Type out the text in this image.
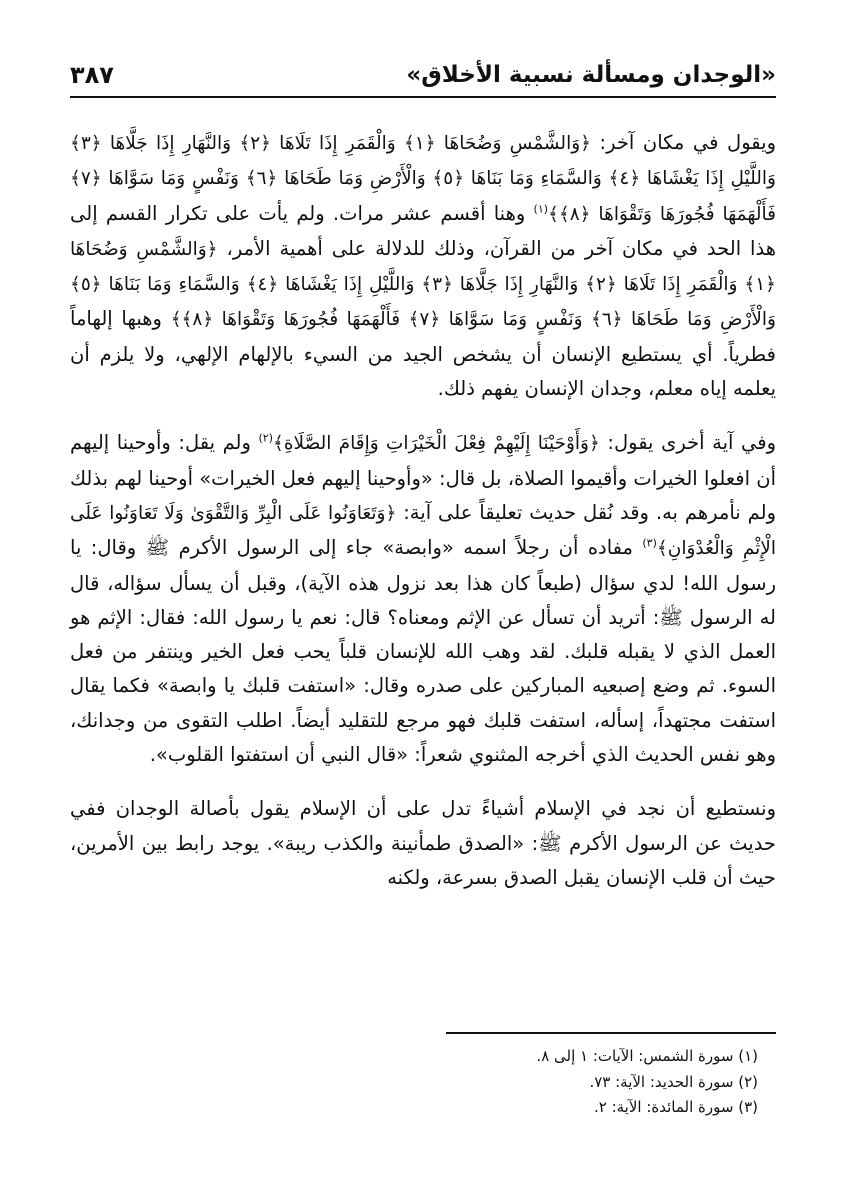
«الوجدان ومسألة نسبية الأخلاق»
٣٨٧

ويقول في مكان آخر: ﴿وَالشَّمْسِ وَضُحَاهَا ﴿١﴾ وَالْقَمَرِ إِذَا تَلَاهَا ﴿٢﴾ وَالنَّهَارِ إِذَا جَلَّاهَا ﴿٣﴾ وَاللَّيْلِ إِذَا يَغْشَاهَا ﴿٤﴾ وَالسَّمَاءِ وَمَا بَنَاهَا ﴿٥﴾ وَالْأَرْضِ وَمَا طَحَاهَا ﴿٦﴾ وَنَفْسٍ وَمَا سَوَّاهَا ﴿٧﴾ فَأَلْهَمَهَا فُجُورَهَا وَتَقْوَاهَا ﴿٨﴾﴾$^{(١)}$ وهنا أقسم عشر مرات. ولم يأت على تكرار القسم إلى هذا الحد في مكان آخر من القرآن، وذلك للدلالة على أهمية الأمر، ﴿وَالشَّمْسِ وَضُحَاهَا ﴿١﴾ وَالْقَمَرِ إِذَا تَلَاهَا ﴿٢﴾ وَالنَّهَارِ إِذَا جَلَّاهَا ﴿٣﴾ وَاللَّيْلِ إِذَا يَغْشَاهَا ﴿٤﴾ وَالسَّمَاءِ وَمَا بَنَاهَا ﴿٥﴾ وَالْأَرْضِ وَمَا طَحَاهَا ﴿٦﴾ وَنَفْسٍ وَمَا سَوَّاهَا ﴿٧﴾ فَأَلْهَمَهَا فُجُورَهَا وَتَقْوَاهَا ﴿٨﴾﴾ وهبها إلهاماً فطرياً. أي يستطيع الإنسان أن يشخص الجيد من السيء بالإلهام الإلهي، ولا يلزم أن يعلمه إياه معلم، وجدان الإنسان يفهم ذلك.

وفي آية أخرى يقول: ﴿وَأَوْحَيْنَا إِلَيْهِمْ فِعْلَ الْخَيْرَاتِ وَإِقَامَ الصَّلَاةِ﴾$^{(٢)}$ ولم يقل: وأوحينا إليهم أن افعلوا الخيرات وأقيموا الصلاة، بل قال: «وأوحينا إليهم فعل الخيرات» أوحينا لهم بذلك ولم نأمرهم به. وقد نُقل حديث تعليقاً على آية: ﴿وَتَعَاوَنُوا عَلَى الْبِرِّ وَالتَّقْوَىٰ وَلَا تَعَاوَنُوا عَلَى الْإِثْمِ وَالْعُدْوَانِ﴾$^{(٣)}$ مفاده أن رجلاً اسمه «وابصة» جاء إلى الرسول الأكرم ﷺ وقال: يا رسول الله! لدي سؤال (طبعاً كان هذا بعد نزول هذه الآية)، وقبل أن يسأل سؤاله، قال له الرسول ﷺ: أتريد أن تسأل عن الإثم ومعناه؟ قال: نعم يا رسول الله: فقال: الإثم هو العمل الذي لا يقبله قلبك. لقد وهب الله للإنسان قلباً يحب فعل الخير وينتفر من فعل السوء. ثم وضع إصبعيه المباركين على صدره وقال: «استفت قلبك يا وابصة» فكما يقال استفت مجتهداً، إسأله، استفت قلبك فهو مرجع للتقليد أيضاً. اطلب التقوى من وجدانك، وهو نفس الحديث الذي أخرجه المثنوي شعراً: «قال النبي أن استفتوا القلوب».

ونستطيع أن نجد في الإسلام أشياءً تدل على أن الإسلام يقول بأصالة الوجدان ففي حديث عن الرسول الأكرم ﷺ: «الصدق طمأنينة والكذب ريبة». يوجد رابط بين الأمرين، حيث أن قلب الإنسان يقبل الصدق بسرعة، ولكنه

(١) سورة الشمس: الآيات: ١ إلى ٨.

(٢) سورة الحديد: الآية: ٧٣.

(٣) سورة المائدة: الآية: ٢.
